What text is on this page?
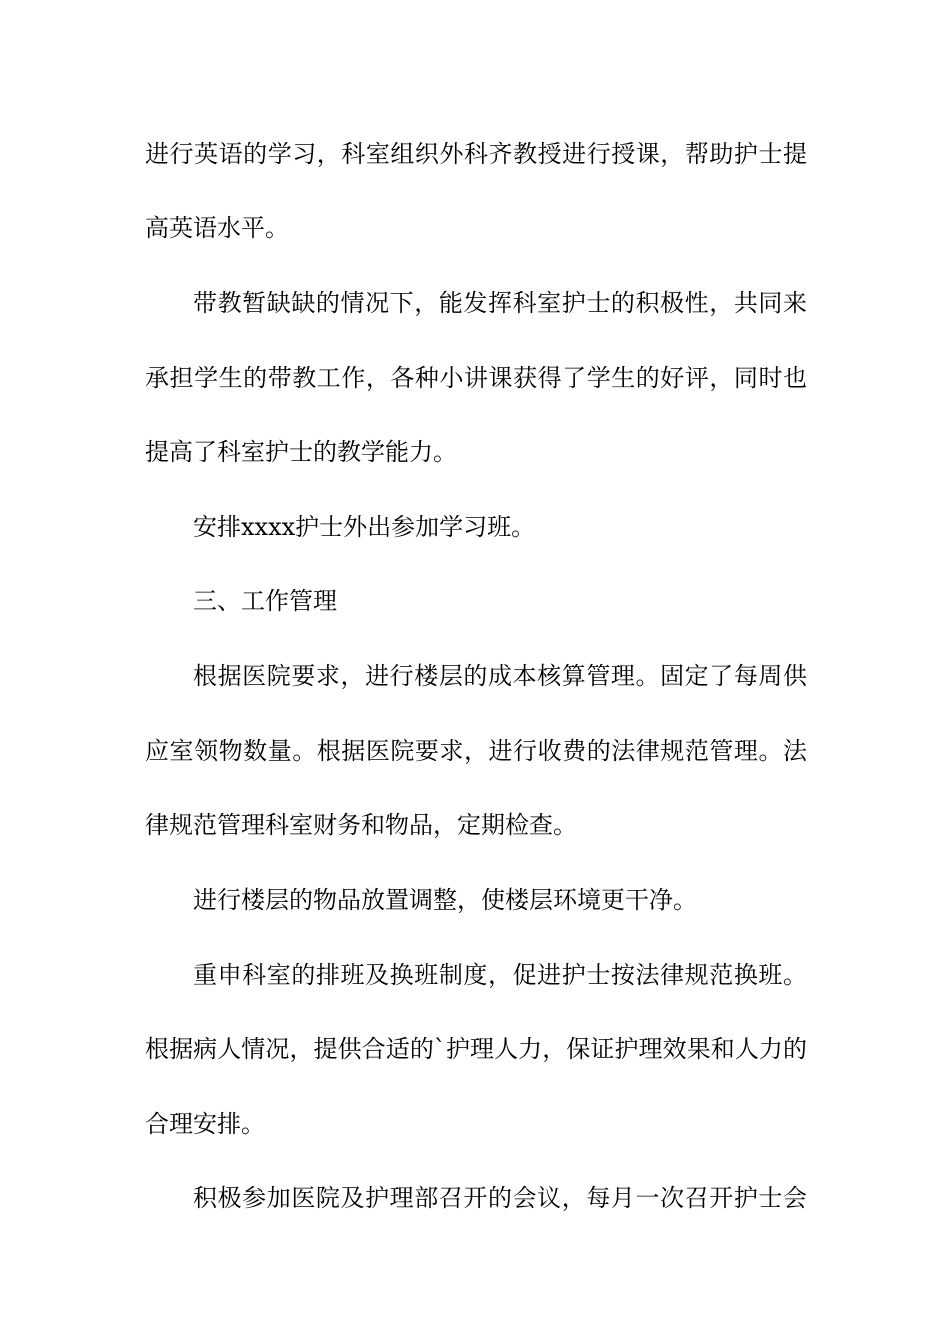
进行英语的学习，科室组织外科齐教授进行授课，帮助护士提
高英语水平。
带教暂缺缺的情况下，能发挥科室护士的积极性，共同来
承担学生的带教工作，各种小讲课获得了学生的好评，同时也
提高了科室护士的教学能力。
安排xxxx护士外出参加学习班。
三、工作管理
根据医院要求，进行楼层的成本核算管理。固定了每周供
应室领物数量。根据医院要求，进行收费的法律规范管理。法
律规范管理科室财务和物品，定期检查。
进行楼层的物品放置调整，使楼层环境更干净。
重申科室的排班及换班制度，促进护士按法律规范换班。
根据病人情况，提供合适的`护理人力，保证护理效果和人力的
合理安排。
积极参加医院及护理部召开的会议，每月一次召开护士会
